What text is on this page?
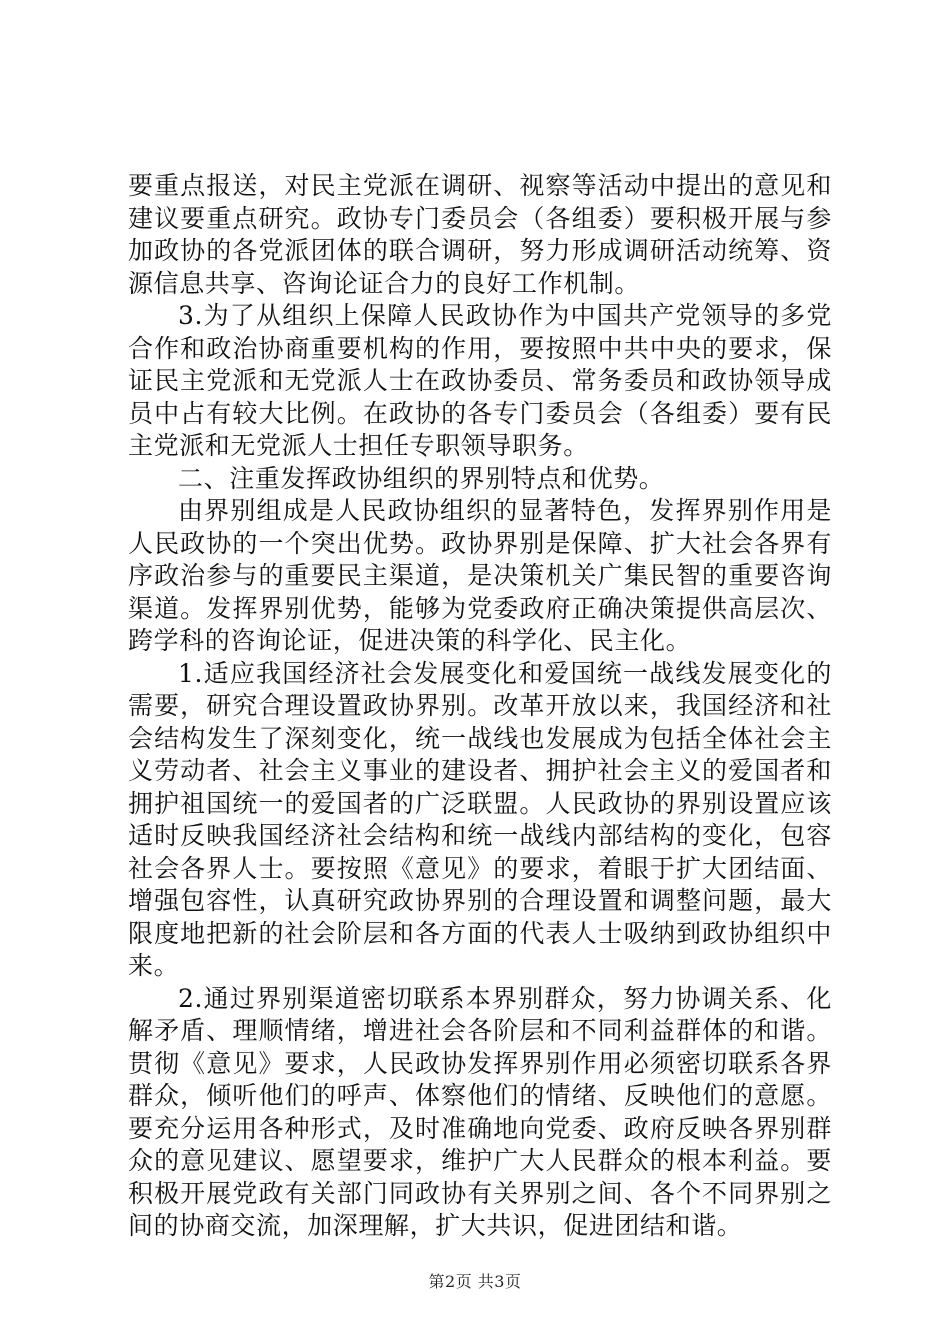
要重点报送，对民主党派在调研、视察等活动中提出的意见和建议要重点研究。政协专门委员会（各组委）要积极开展与参加政协的各党派团体的联合调研，努力形成调研活动统筹、资源信息共享、咨询论证合力的良好工作机制。

3.为了从组织上保障人民政协作为中国共产党领导的多党合作和政治协商重要机构的作用，要按照中共中央的要求，保证民主党派和无党派人士在政协委员、常务委员和政协领导成员中占有较大比例。在政协的各专门委员会（各组委）要有民主党派和无党派人士担任专职领导职务。

二、注重发挥政协组织的界别特点和优势。

由界别组成是人民政协组织的显著特色，发挥界别作用是人民政协的一个突出优势。政协界别是保障、扩大社会各界有序政治参与的重要民主渠道，是决策机关广集民智的重要咨询渠道。发挥界别优势，能够为党委政府正确决策提供高层次、跨学科的咨询论证，促进决策的科学化、民主化。

1.适应我国经济社会发展变化和爱国统一战线发展变化的需要，研究合理设置政协界别。改革开放以来，我国经济和社会结构发生了深刻变化，统一战线也发展成为包括全体社会主义劳动者、社会主义事业的建设者、拥护社会主义的爱国者和拥护祖国统一的爱国者的广泛联盟。人民政协的界别设置应该适时反映我国经济社会结构和统一战线内部结构的变化，包容社会各界人士。要按照《意见》的要求，着眼于扩大团结面、增强包容性，认真研究政协界别的合理设置和调整问题，最大限度地把新的社会阶层和各方面的代表人士吸纳到政协组织中来。

2.通过界别渠道密切联系本界别群众，努力协调关系、化解矛盾、理顺情绪，增进社会各阶层和不同利益群体的和谐。贯彻《意见》要求，人民政协发挥界别作用必须密切联系各界群众，倾听他们的呼声、体察他们的情绪、反映他们的意愿。要充分运用各种形式，及时准确地向党委、政府反映各界别群众的意见建议、愿望要求，维护广大人民群众的根本利益。要积极开展党政有关部门同政协有关界别之间、各个不同界别之间的协商交流，加深理解，扩大共识，促进团结和谐。

第2页 共3页
